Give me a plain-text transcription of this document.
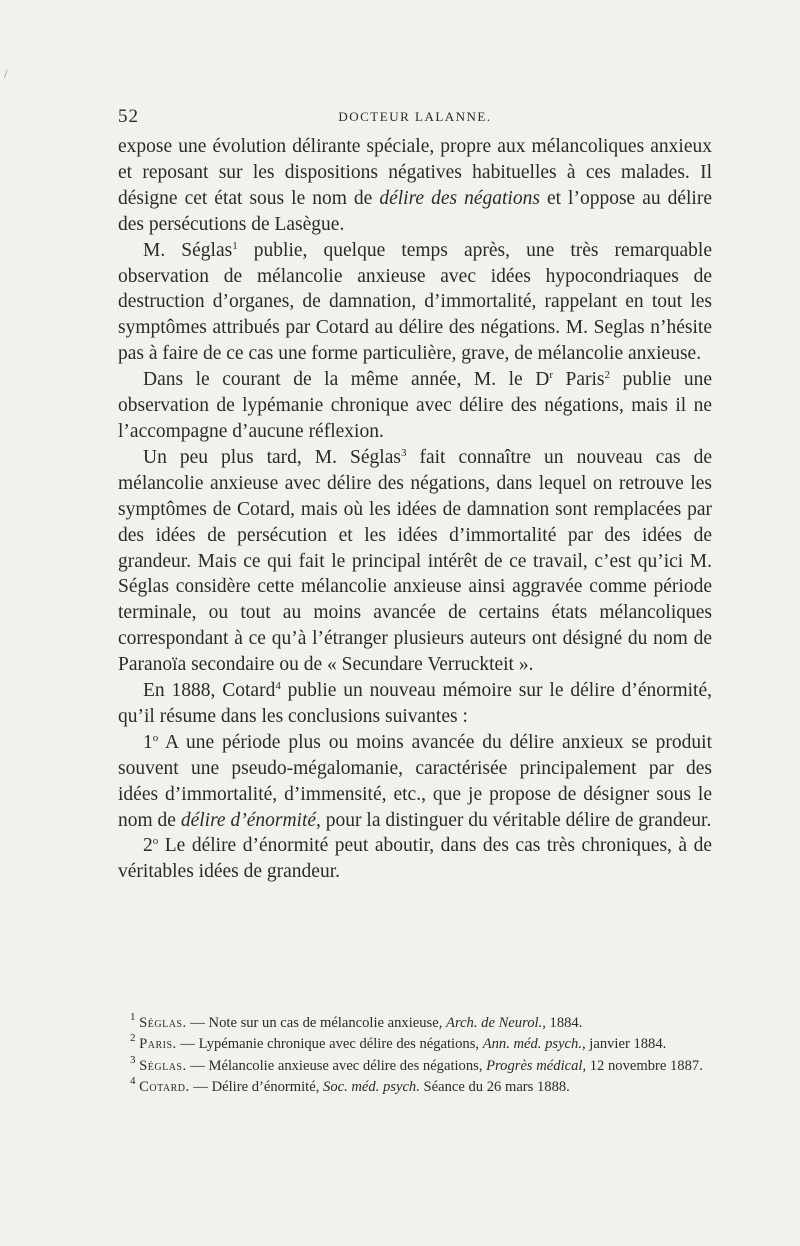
/
52	DOCTEUR LALANNE.

expose une évolution délirante spéciale, propre aux mélancoliques anxieux et reposant sur les dispositions négatives habituelles à ces malades. Il désigne cet état sous le nom de délire des négations et l’oppose au délire des persécutions de Lasègue.

M. Séglas$^1$ publie, quelque temps après, une très remarquable observation de mélancolie anxieuse avec idées hypocondriaques de destruction d’organes, de damnation, d’immortalité, rappelant en tout les symptômes attribués par Cotard au délire des négations. M. Seglas n’hésite pas à faire de ce cas une forme particulière, grave, de mélancolie anxieuse.

Dans le courant de la même année, M. le $D^r$ Paris$^2$ publie une observation de lypémanie chronique avec délire des négations, mais il ne l’accompagne d’aucune réflexion.

Un peu plus tard, M. Séglas$^3$ fait connaître un nouveau cas de mélancolie anxieuse avec délire des négations, dans lequel on retrouve les symptômes de Cotard, mais où les idées de damnation sont remplacées par des idées de persécution et les idées d’immortalité par des idées de grandeur. Mais ce qui fait le principal intérêt de ce travail, c’est qu’ici M. Séglas considère cette mélancolie anxieuse ainsi aggravée comme période terminale, ou tout au moins avancée de certains états mélancoliques correspondant à ce qu’à l’étranger plusieurs auteurs ont désigné du nom de Paranoïa secondaire ou de « Secundare Verruckteit ».

En 1888, Cotard$^4$ publie un nouveau mémoire sur le délire d’énormité, qu’il résume dans les conclusions suivantes :

1$^o$ A une période plus ou moins avancée du délire anxieux se produit souvent une pseudo-mégalomanie, caractérisée principalement par des idées d’immortalité, d’immensité, etc., que je propose de désigner sous le nom de délire d’énormité, pour la distinguer du véritable délire de grandeur.

2$^o$ Le délire d’énormité peut aboutir, dans des cas très chroniques, à de véritables idées de grandeur.

$^1$ Séglas. — Note sur un cas de mélancolie anxieuse, Arch. de Neurol., 1884.

$^2$ Paris. — Lypémanie chronique avec délire des négations, Ann. méd. psych., janvier 1884.

$^3$ Séglas. — Mélancolie anxieuse avec délire des négations, Progrès médical, 12 novembre 1887.

$^4$ Cotard. — Délire d’énormité, Soc. méd. psych. Séance du 26 mars 1888.
